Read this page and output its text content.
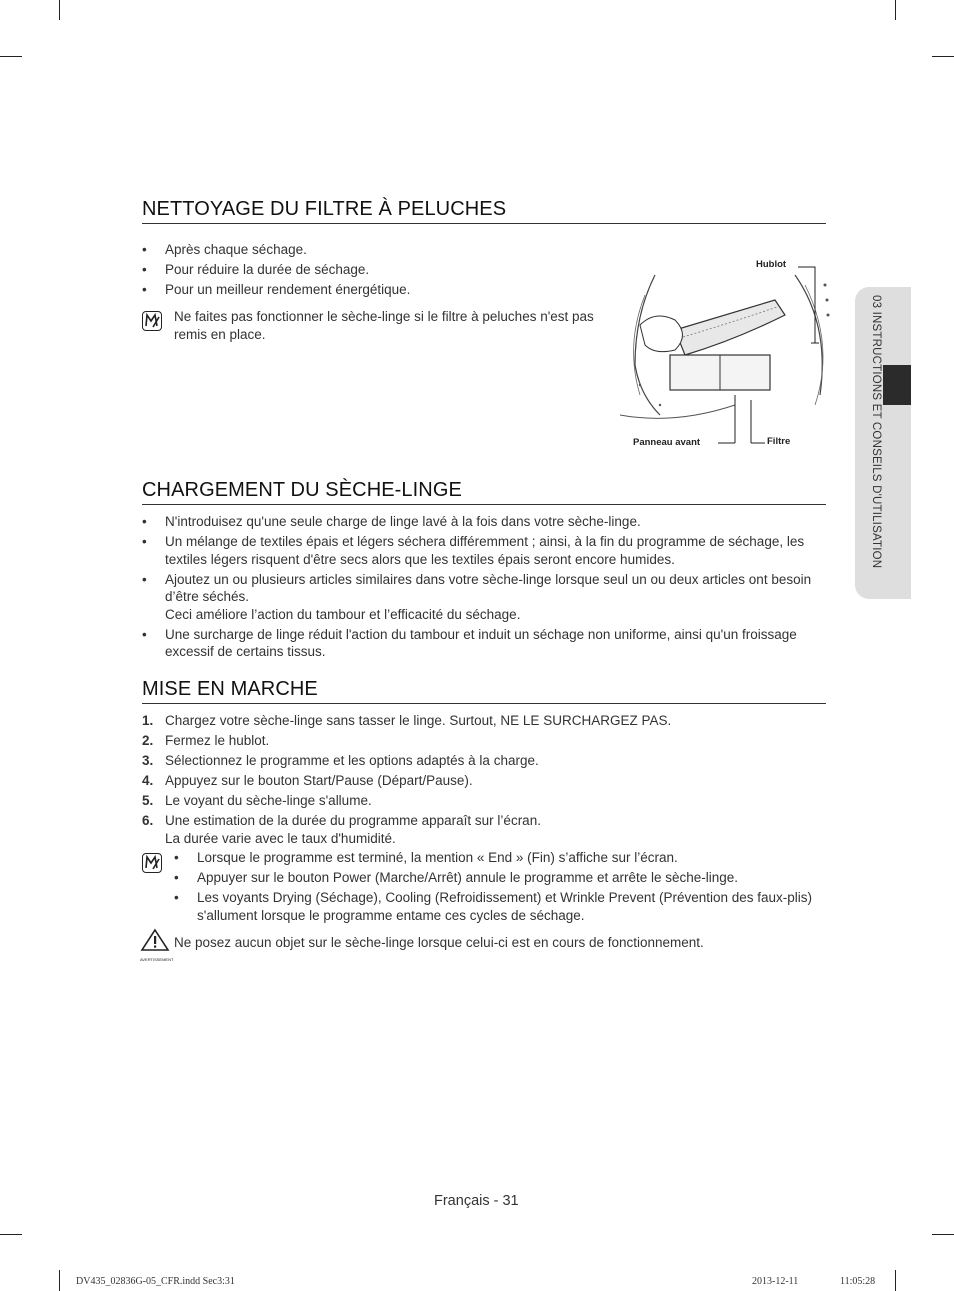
NETTOYAGE DU FILTRE À PELUCHES
• Après chaque séchage.
• Pour réduire la durée de séchage.
• Pour un meilleur rendement énergétique.
Ne faites pas fonctionner le sèche-linge si le filtre à peluches n'est pas remis en place.
Hublot
Panneau avant	Filtre	03 INSTRUCTIONS ET CONSEILS D'UTILISATION
CHARGEMENT DU SÈCHE-LINGE
• N'introduisez qu'une seule charge de linge lavé à la fois dans votre sèche-linge.
• Un mélange de textiles épais et légers séchera différemment ; ainsi, à la fin du programme de séchage, les textiles légers risquent d'être secs alors que les textiles épais seront encore humides.
• Ajoutez un ou plusieurs articles similaires dans votre sèche-linge lorsque seul un ou deux articles ont besoin d’être séchés.
Ceci améliore l’action du tambour et l’efficacité du séchage.
• Une surcharge de linge réduit l'action du tambour et induit un séchage non uniforme, ainsi qu'un froissage excessif de certains tissus.
MISE EN MARCHE
1. Chargez votre sèche-linge sans tasser le linge. Surtout, NE LE SURCHARGEZ PAS.
2. Fermez le hublot.
3. Sélectionnez le programme et les options adaptés à la charge.
4. Appuyez sur le bouton Start/Pause (Départ/Pause).
5. Le voyant du sèche-linge s'allume.
6. Une estimation de la durée du programme apparaît sur l’écran.
La durée varie avec le taux d'humidité.
• Lorsque le programme est terminé, la mention « End » (Fin) s’affiche sur l’écran.
• Appuyer sur le bouton Power (Marche/Arrêt) annule le programme et arrête le sèche-linge.
• Les voyants Drying (Séchage), Cooling (Refroidissement) et Wrinkle Prevent (Prévention des faux-plis) s'allument lorsque le programme entame ces cycles de séchage.
AVERTISSEMENT
Ne posez aucun objet sur le sèche-linge lorsque celui-ci est en cours de fonctionnement.
Français - 31
DV435_02836G-05_CFR.indd Sec3:31	2013-12-11	11:05:28
